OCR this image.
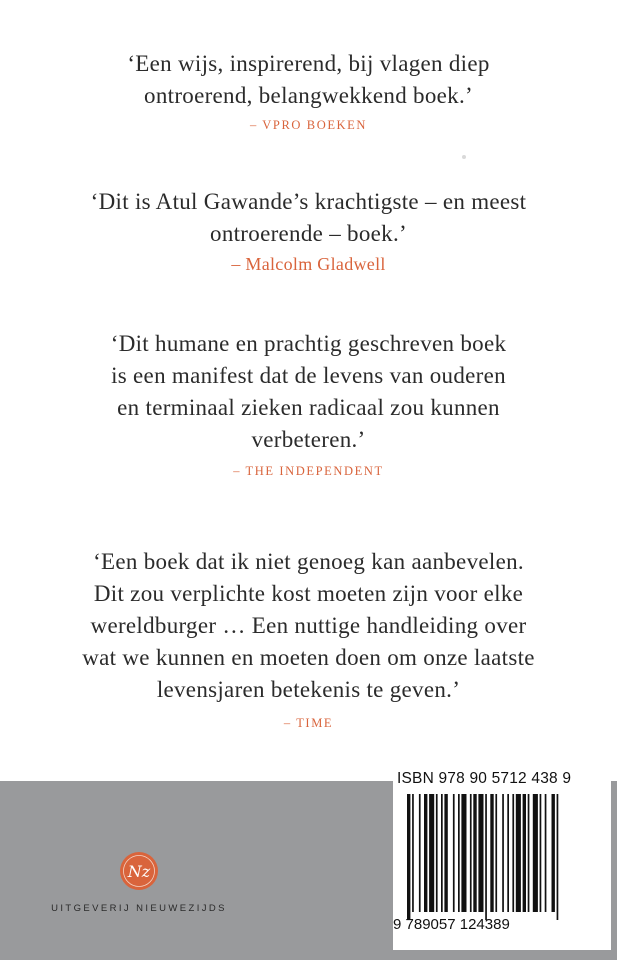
‘Een wijs, inspirerend, bij vlagen diep
ontroerend, belangwekkend boek.’
– VPRO BOEKEN
‘Dit is Atul Gawande’s krachtigste – en meest
ontroerende – boek.’
– Malcolm Gladwell
‘Dit humane en prachtig geschreven boek
is een manifest dat de levens van ouderen
en terminaal zieken radicaal zou kunnen
verbeteren.’
– THE INDEPENDENT
‘Een boek dat ik niet genoeg kan aanbevelen.
Dit zou verplichte kost moeten zijn voor elke
wereldburger … Een nuttige handleiding over
wat we kunnen en moeten doen om onze laatste
levensjaren betekenis te geven.’
– TIME
Nz
UITGEVERIJ NIEUWEZIJDS
ISBN 978 90 5712 438 9
9 789057 124389
